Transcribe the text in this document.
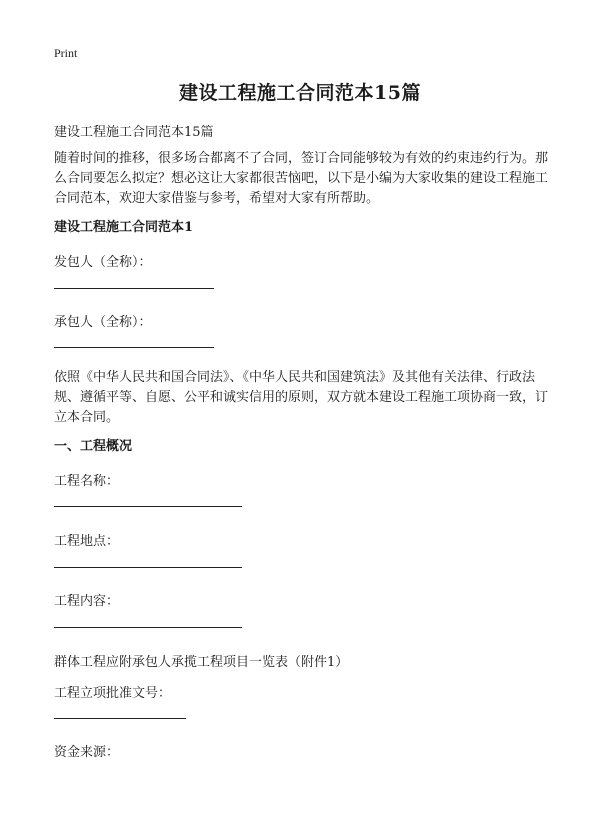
Print
建设工程施工合同范本15篇
建设工程施工合同范本15篇

随着时间的推移，很多场合都离不了合同，签订合同能够较为有效的约束违约行为。那么合同要怎么拟定？想必这让大家都很苦恼吧，以下是小编为大家收集的建设工程施工合同范本，欢迎大家借鉴与参考，希望对大家有所帮助。

建设工程施工合同范本1
发包人（全称）：
承包人（全称）：

依照《中华人民共和国合同法》、《中华人民共和国建筑法》及其他有关法律、行政法规、遵循平等、自愿、公平和诚实信用的原则，双方就本建设工程施工项协商一致，订立本合同。

一、工程概况
工程名称：
工程地点：
工程内容：
群体工程应附承包人承揽工程项目一览表（附件1）
工程立项批准文号：
资金来源：
